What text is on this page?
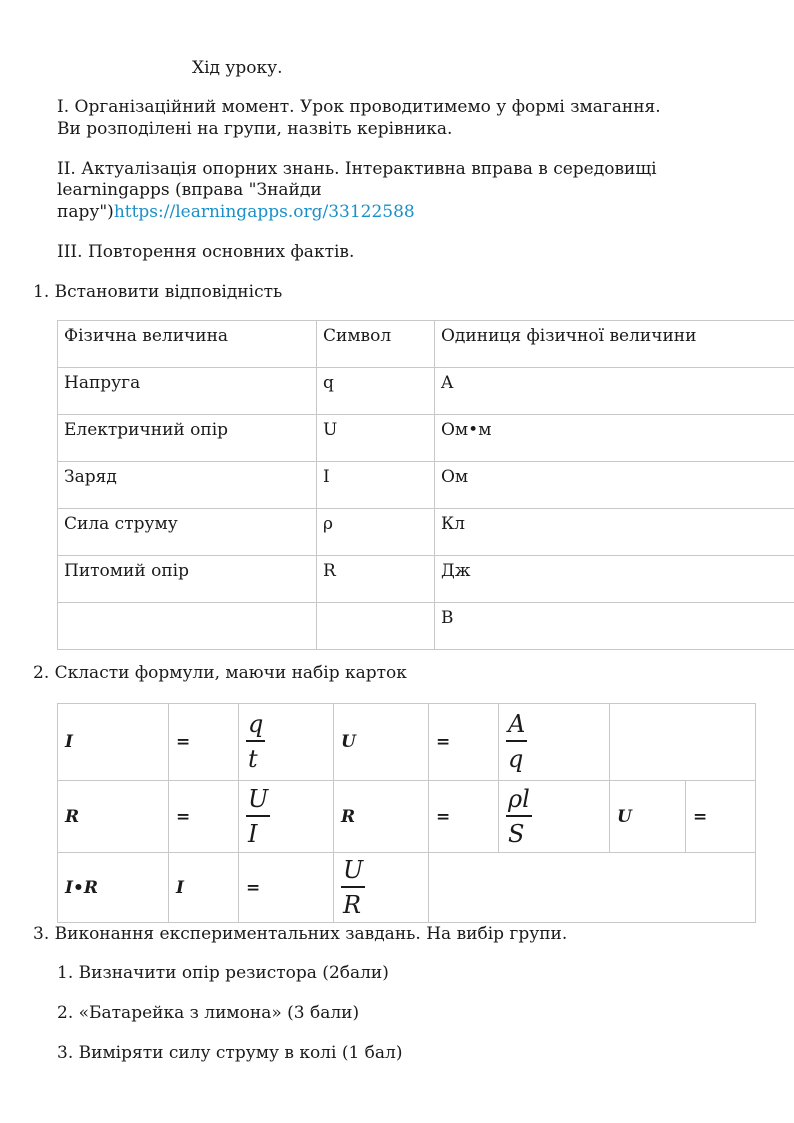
Хід уроку.
I. Організаційний момент. Урок проводитимемо у формі змагання.
Ви розподілені на групи, назвіть керівника.
II. Актуалізація опорних знань. Інтерактивна вправа в середовищі
learningapps (вправа "Знайди
пару")https://learningapps.org/33122588
III. Повторення основних фактів.
1. Встановити відповідність
Фізична величина	Символ	Одиниця фізичної величини
Напруга	q	A
Електричний опір	U	Ом•м
Заряд	I	Ом
Сила струму	ρ	Кл
Питомий опір	R	Дж
		В
2. Скласти формули, маючи набір карток
I	=	$\frac{q}{t}$	U	=	$\frac{A}{q}$

R	=	$\frac{U}{I}$	R	=	$\frac{\rho l}{S}$	U	=
I•R	I	=	$\frac{U}{R}$

3. Виконання експериментальних завдань. На вибір групи.
1. Визначити опір резистора (2бали)
2. «Батарейка з лимона» (3 бали)
3. Виміряти силу струму в колі (1 бал)
